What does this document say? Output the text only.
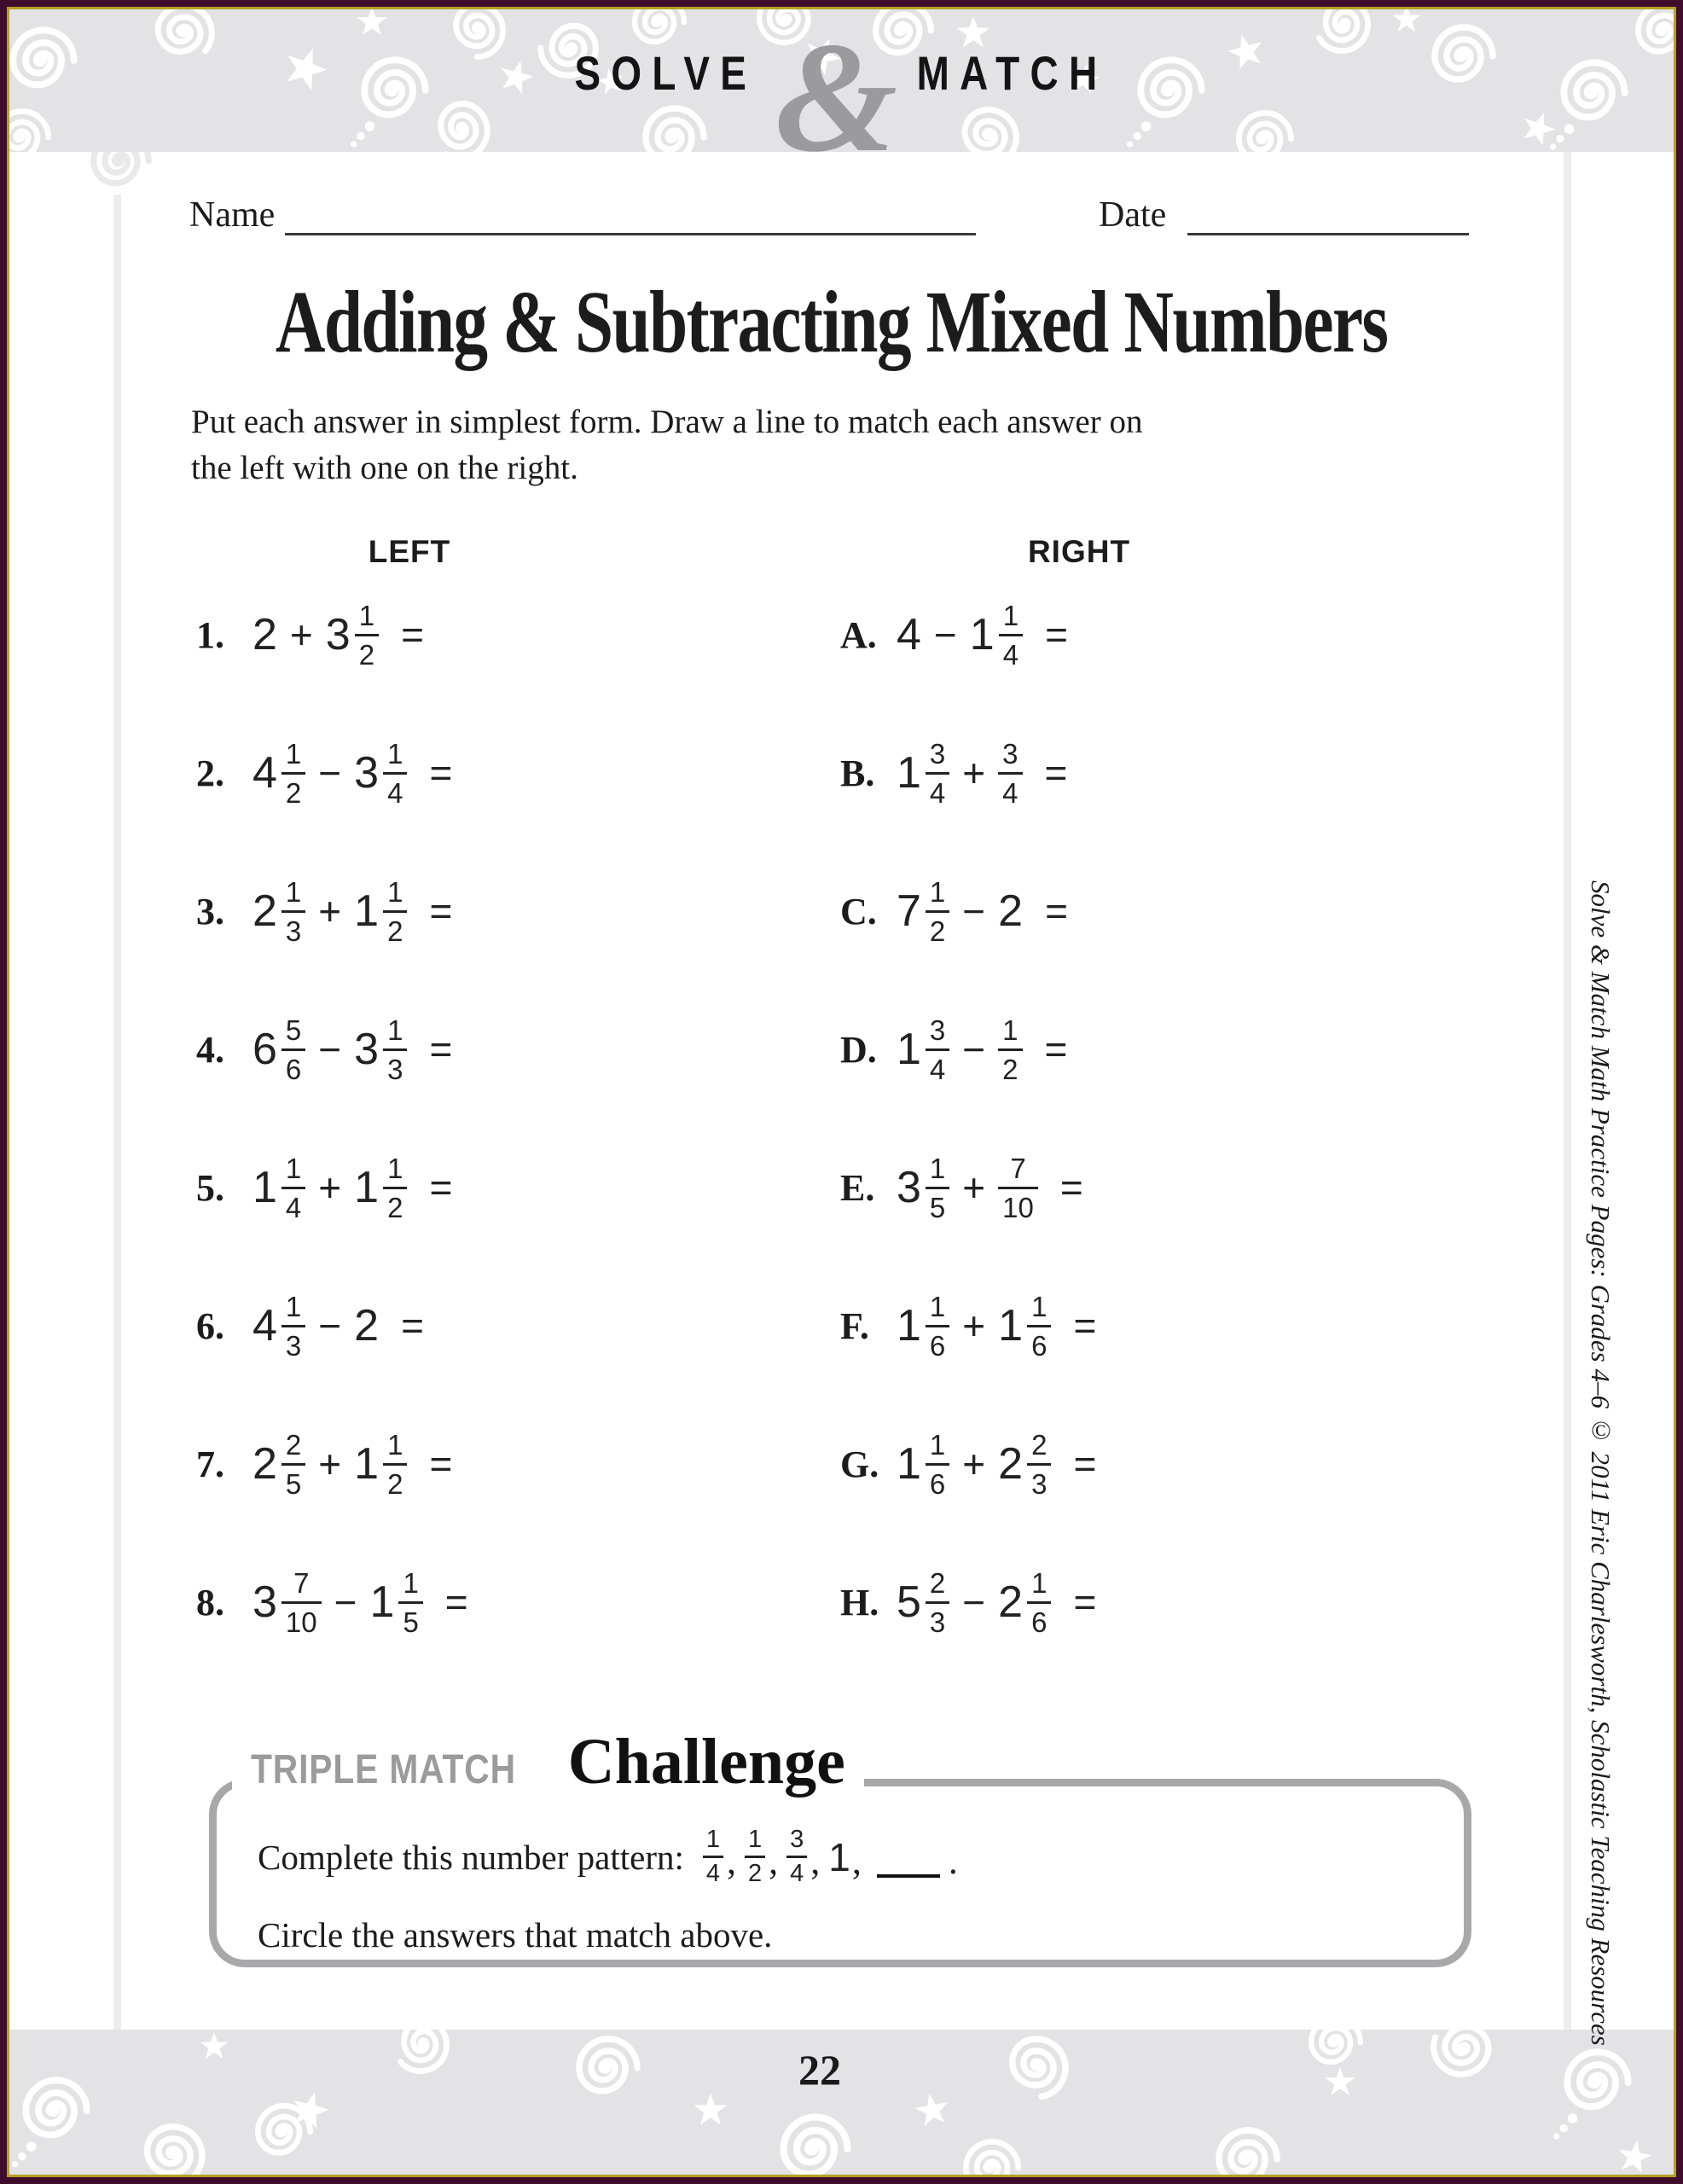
SOLVE & MATCH
Name	Date
Adding & Subtracting Mixed Numbers
Put each answer in simplest form. Draw a line to match each answer on
the left with one on the right.
LEFT	RIGHT
1. $2 + 3 \frac{1}{2}$ =
2. $4 \frac{1}{2} - 3 \frac{1}{4}$ =
3. $2 \frac{1}{3} + 1 \frac{1}{2}$ =
4. $6 \frac{5}{6} - 3 \frac{1}{3}$ =
5. $1 \frac{1}{4} + 1 \frac{1}{2}$ =
6. $4 \frac{1}{3} - 2$ =
7. $2 \frac{2}{5} + 1 \frac{1}{2}$ =
8. $3 \frac{7}{10} - 1 \frac{1}{5}$ =
A. $4 - 1 \frac{1}{4}$ =
B. $1 \frac{3}{4} + \frac{3}{4}$ =
C. $7 \frac{1}{2} - 2$ =
D. $1 \frac{3}{4} - \frac{1}{2}$ =
E. $3 \frac{1}{5} + \frac{7}{10}$ =
F. $1 \frac{1}{6} + 1 \frac{1}{6}$ =
G. $1 \frac{1}{6} + 2 \frac{2}{3}$ =
H. $5 \frac{2}{3} - 2 \frac{1}{6}$ =
TRIPLE MATCH Challenge
Complete this number pattern: $\frac{1}{4}$ , $\frac{1}{2}$ , $\frac{3}{4}$ , 1 , .
Circle the answers that match above.	Solve & Match Math Practice Pages: Grades 4–6 © 2011 Eric Charlesworth, Scholastic Teaching Resources
22
